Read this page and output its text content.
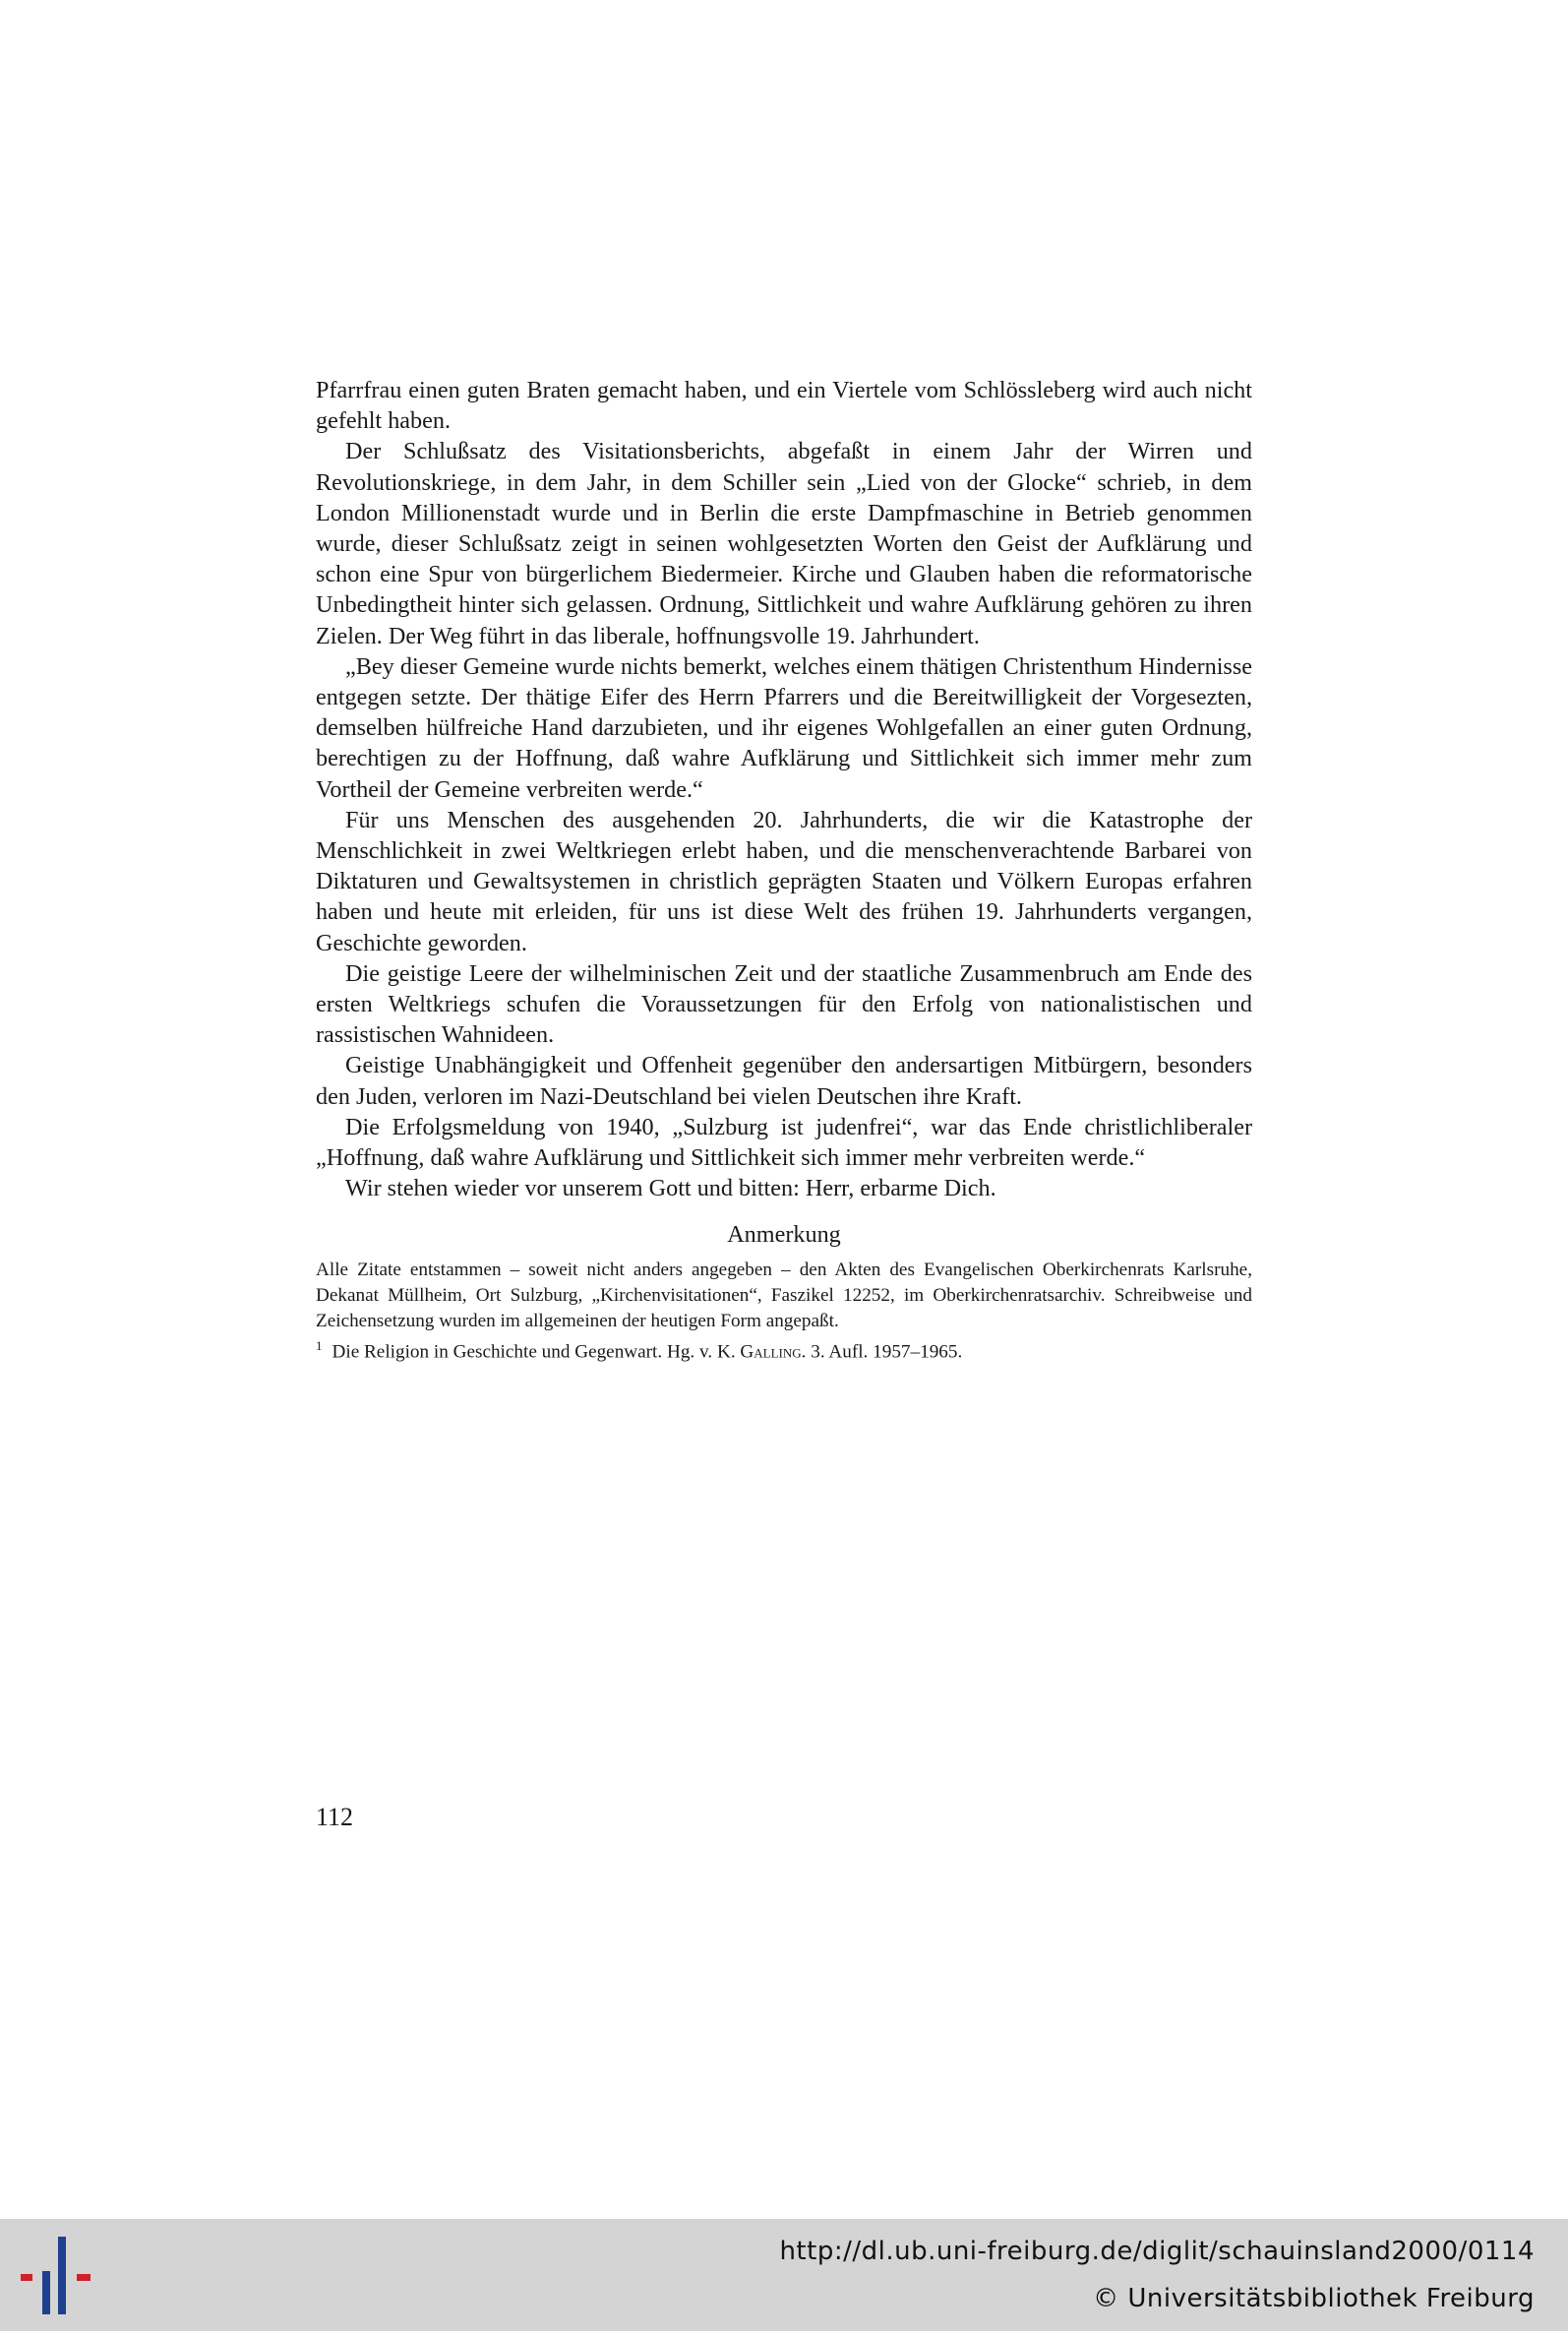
Pfarrfrau einen guten Braten gemacht haben, und ein Viertele vom Schlössleberg wird auch nicht gefehlt haben.

Der Schlußsatz des Visitationsberichts, abgefaßt in einem Jahr der Wirren und Revolutionskriege, in dem Jahr, in dem Schiller sein „Lied von der Glocke“ schrieb, in dem London Millionenstadt wurde und in Berlin die erste Dampfmaschine in Betrieb genommen wurde, dieser Schlußsatz zeigt in seinen wohlgesetzten Worten den Geist der Aufklärung und schon eine Spur von bürgerlichem Biedermeier. Kirche und Glauben haben die reformatorische Unbedingtheit hinter sich gelassen. Ordnung, Sittlichkeit und wahre Aufklärung gehören zu ihren Zielen. Der Weg führt in das liberale, hoffnungsvolle 19. Jahrhundert.

„Bey dieser Gemeine wurde nichts bemerkt, welches einem thätigen Christenthum Hindernisse entgegen setzte. Der thätige Eifer des Herrn Pfarrers und die Bereitwilligkeit der Vorgesezten, demselben hülfreiche Hand darzubieten, und ihr eigenes Wohlgefallen an einer guten Ordnung, berechtigen zu der Hoffnung, daß wahre Aufklärung und Sittlichkeit sich immer mehr zum Vortheil der Gemeine verbreiten werde.“

Für uns Menschen des ausgehenden 20. Jahrhunderts, die wir die Katastrophe der Menschlichkeit in zwei Weltkriegen erlebt haben, und die menschenverachtende Barbarei von Diktaturen und Gewaltsystemen in christlich geprägten Staaten und Völkern Europas erfahren haben und heute mit erleiden, für uns ist diese Welt des frühen 19. Jahrhunderts vergangen, Geschichte geworden.

Die geistige Leere der wilhelminischen Zeit und der staatliche Zusammenbruch am Ende des ersten Weltkriegs schufen die Voraussetzungen für den Erfolg von nationalistischen und rassistischen Wahnideen.

Geistige Unabhängigkeit und Offenheit gegenüber den andersartigen Mitbürgern, besonders den Juden, verloren im Nazi-Deutschland bei vielen Deutschen ihre Kraft.

Die Erfolgsmeldung von 1940, „Sulzburg ist judenfrei“, war das Ende christlichliberaler „Hoffnung, daß wahre Aufklärung und Sittlichkeit sich immer mehr verbreiten werde.“

Wir stehen wieder vor unserem Gott und bitten: Herr, erbarme Dich.

Anmerkung

Alle Zitate entstammen – soweit nicht anders angegeben – den Akten des Evangelischen Oberkirchenrats Karlsruhe, Dekanat Müllheim, Ort Sulzburg, „Kirchenvisitationen“, Faszikel 12252, im Oberkirchenratsarchiv. Schreibweise und Zeichensetzung wurden im allgemeinen der heutigen Form angepaßt.

$^1$ Die Religion in Geschichte und Gegenwart. Hg. v. K. Galling. 3. Aufl. 1957–1965.

112
http://dl.ub.uni-freiburg.de/diglit/schauinsland2000/0114
© Universitätsbibliothek Freiburg
